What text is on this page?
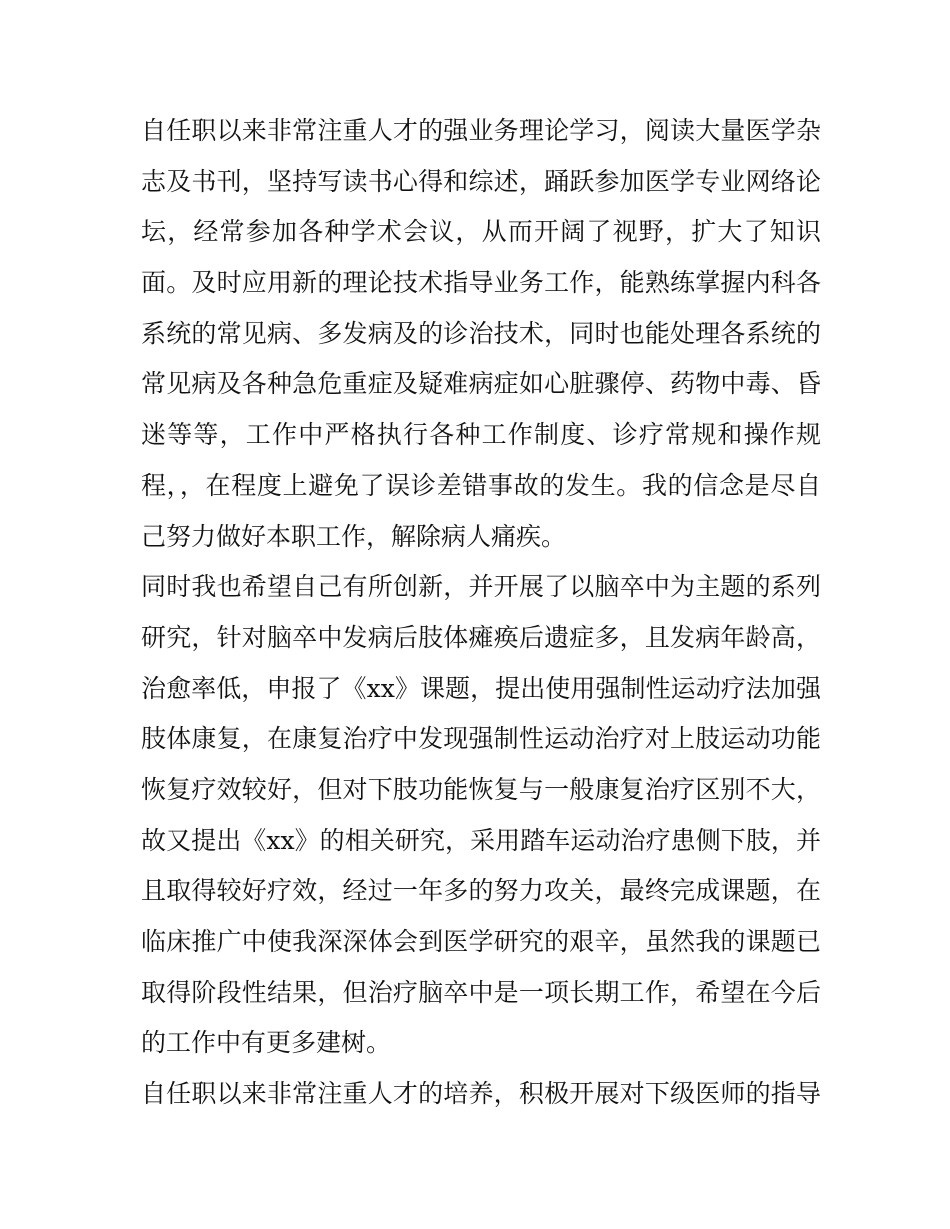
自任职以来非常注重人才的强业务理论学习，阅读大量医学杂
志及书刊，坚持写读书心得和综述，踊跃参加医学专业网络论
坛，经常参加各种学术会议，从而开阔了视野，扩大了知识
面。及时应用新的理论技术指导业务工作，能熟练掌握内科各
系统的常见病、多发病及的诊治技术，同时也能处理各系统的
常见病及各种急危重症及疑难病症如心脏骤停、药物中毒、昏
迷等等，工作中严格执行各种工作制度、诊疗常规和操作规
程，，在程度上避免了误诊差错事故的发生。我的信念是尽自
己努力做好本职工作，解除病人痛疾。
同时我也希望自己有所创新，并开展了以脑卒中为主题的系列
研究，针对脑卒中发病后肢体瘫痪后遗症多，且发病年龄高，
治愈率低，申报了《xx》课题，提出使用强制性运动疗法加强
肢体康复，在康复治疗中发现强制性运动治疗对上肢运动功能
恢复疗效较好，但对下肢功能恢复与一般康复治疗区别不大，
故又提出《xx》的相关研究，采用踏车运动治疗患侧下肢，并
且取得较好疗效，经过一年多的努力攻关，最终完成课题，在
临床推广中使我深深体会到医学研究的艰辛，虽然我的课题已
取得阶段性结果，但治疗脑卒中是一项长期工作，希望在今后
的工作中有更多建树。
自任职以来非常注重人才的培养，积极开展对下级医师的指导
